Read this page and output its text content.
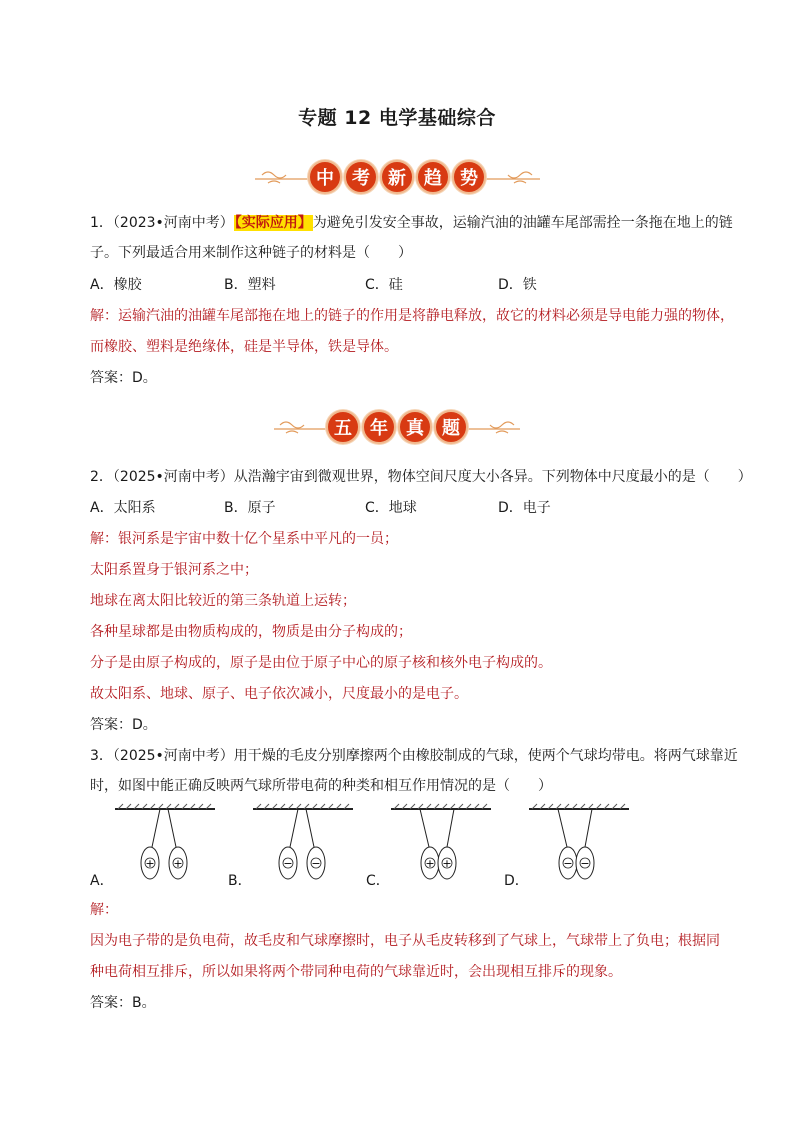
专题 12 电学基础综合
中	考	新	趋	势
1．（2023•河南中考）【实际应用】为避免引发安全事故，运输汽油的油罐车尾部需拴一条拖在地上的链
子。下列最适合用来制作这种链子的材料是（　　）
A．橡胶	B．塑料	C．硅	D．铁
解：运输汽油的油罐车尾部拖在地上的链子的作用是将静电释放，故它的材料必须是导电能力强的物体，
而橡胶、塑料是绝缘体，硅是半导体，铁是导体。
答案：D。
五	年	真	题
2．（2025•河南中考）从浩瀚宇宙到微观世界，物体空间尺度大小各异。下列物体中尺度最小的是（　　）
A．太阳系	B．原子	C．地球	D．电子
解：银河系是宇宙中数十亿个星系中平凡的一员；
太阳系置身于银河系之中；
地球在离太阳比较近的第三条轨道上运转；
各种星球都是由物质构成的，物质是由分子构成的；
分子是由原子构成的，原子是由位于原子中心的原子核和核外电子构成的。
故太阳系、地球、原子、电子依次减小，尺度最小的是电子。
答案：D。
3．（2025•河南中考）用干燥的毛皮分别摩擦两个由橡胶制成的气球，使两个气球均带电。将两气球靠近
时，如图中能正确反映两气球所带电荷的种类和相互作用情况的是（　　）
A．
+ +
B．
− −
C．
+ +
D．
− −
解：
因为电子带的是负电荷，故毛皮和气球摩擦时，电子从毛皮转移到了气球上，气球带上了负电；根据同
种电荷相互排斥，所以如果将两个带同种电荷的气球靠近时，会出现相互排斥的现象。
答案：B。
